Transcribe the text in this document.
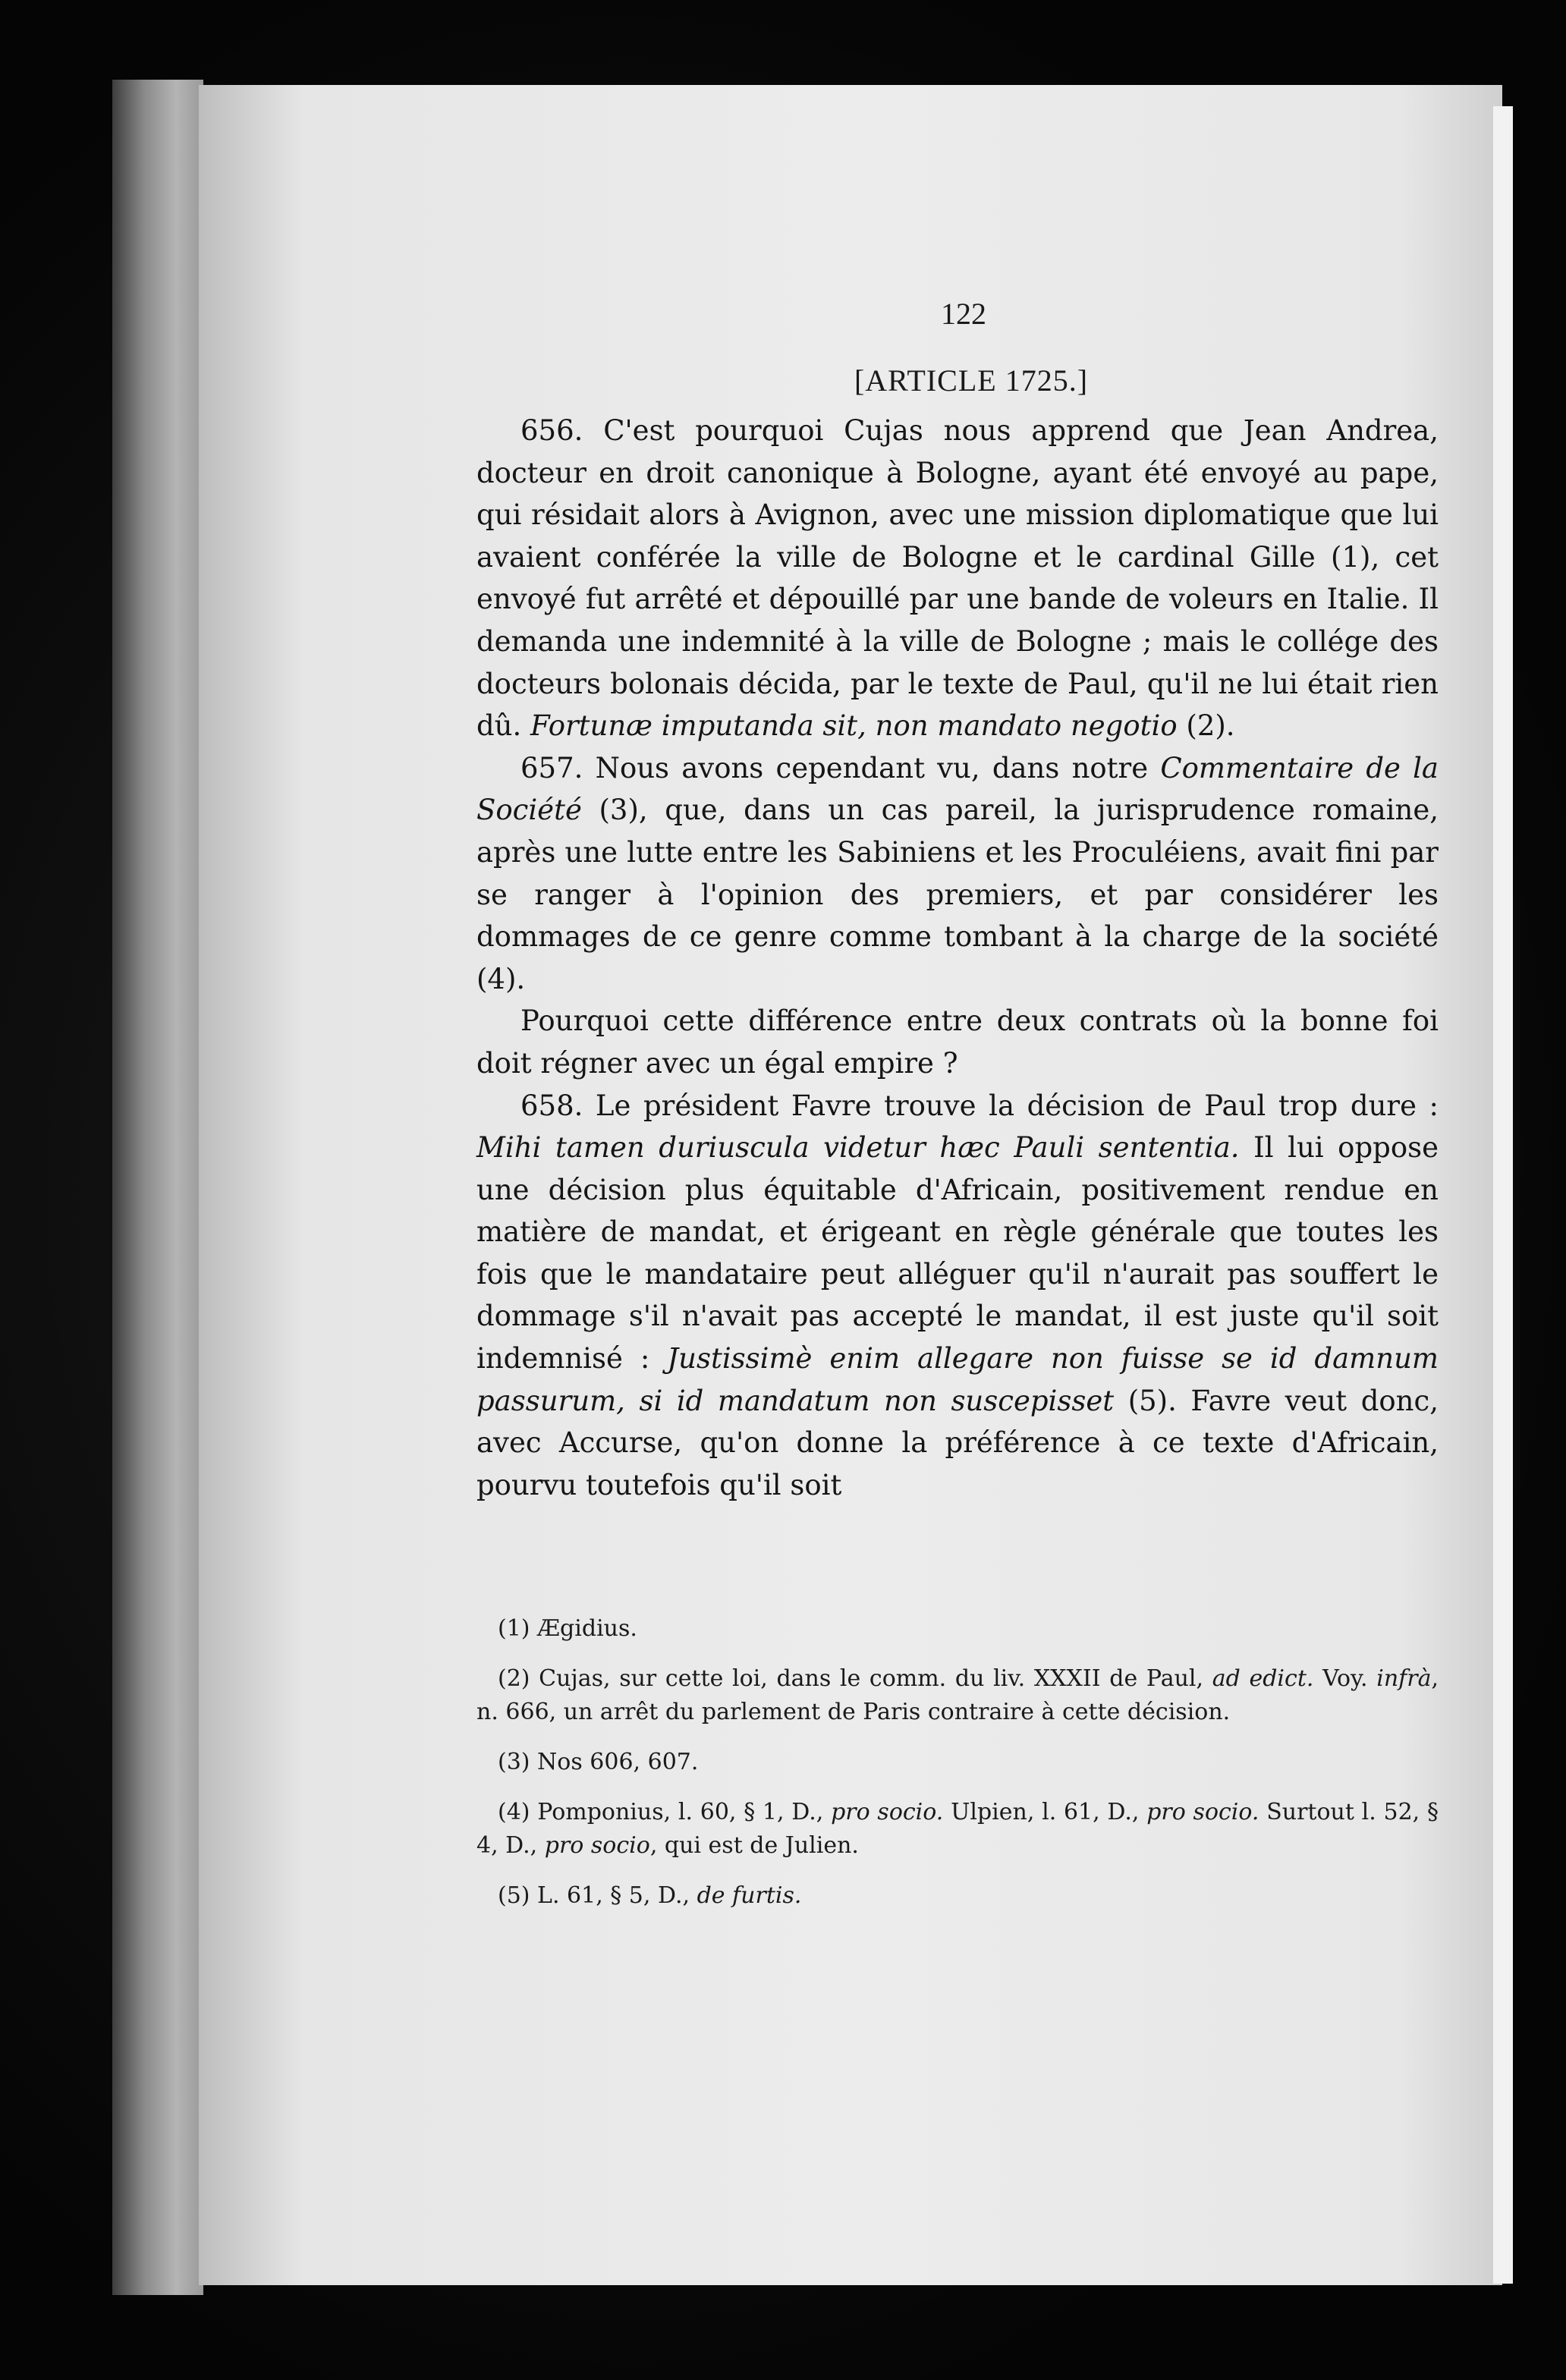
122
[ARTICLE 1725.]

656. C'est pourquoi Cujas nous apprend que Jean Andrea, docteur en droit canonique à Bologne, ayant été envoyé au pape, qui résidait alors à Avignon, avec une mission diplomatique que lui avaient conférée la ville de Bologne et le cardinal Gille (1), cet envoyé fut arrêté et dépouillé par une bande de voleurs en Italie. Il demanda une indemnité à la ville de Bologne ; mais le collége des docteurs bolonais décida, par le texte de Paul, qu'il ne lui était rien dû. Fortunæ imputanda sit, non mandato negotio (2).

657. Nous avons cependant vu, dans notre Commentaire de la Société (3), que, dans un cas pareil, la jurisprudence romaine, après une lutte entre les Sabiniens et les Proculéiens, avait fini par se ranger à l'opinion des premiers, et par considérer les dommages de ce genre comme tombant à la charge de la société (4).

Pourquoi cette différence entre deux contrats où la bonne foi doit régner avec un égal empire ?

658. Le président Favre trouve la décision de Paul trop dure : Mihi tamen duriuscula videtur hæc Pauli sententia. Il lui oppose une décision plus équitable d'Africain, positivement rendue en matière de mandat, et érigeant en règle générale que toutes les fois que le mandataire peut alléguer qu'il n'aurait pas souffert le dommage s'il n'avait pas accepté le mandat, il est juste qu'il soit indemnisé : Justissimè enim allegare non fuisse se id damnum passurum, si id mandatum non suscepisset (5). Favre veut donc, avec Accurse, qu'on donne la préférence à ce texte d'Africain, pourvu toutefois qu'il soit

(1) Ægidius.

(2) Cujas, sur cette loi, dans le comm. du liv. XXXII de Paul, ad edict. Voy. infrà, n. 666, un arrêt du parlement de Paris contraire à cette décision.

(3) Nos 606, 607.

(4) Pomponius, l. 60, § 1, D., pro socio. Ulpien, l. 61, D., pro socio. Surtout l. 52, § 4, D., pro socio, qui est de Julien.

(5) L. 61, § 5, D., de furtis.
